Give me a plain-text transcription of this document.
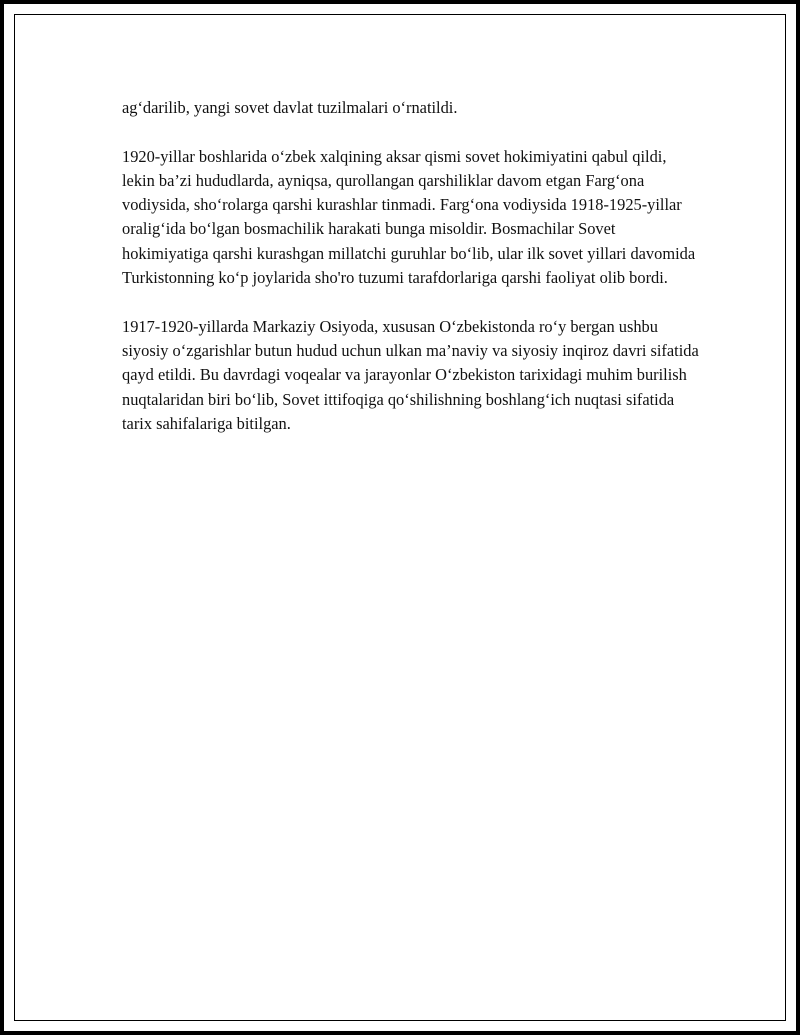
ag‘darilib, yangi sovet davlat tuzilmalari o‘rnatildi.

1920-yillar boshlarida o‘zbek xalqining aksar qismi sovet hokimiyatini qabul qildi, lekin ba’zi hududlarda, ayniqsa, qurollangan qarshiliklar davom etgan Farg‘ona vodiysida, sho‘rolarga qarshi kurashlar tinmadi. Farg‘ona vodiysida 1918-1925-yillar oralig‘ida bo‘lgan bosmachilik harakati bunga misoldir. Bosmachilar Sovet hokimiyatiga qarshi kurashgan millatchi guruhlar bo‘lib, ular ilk sovet yillari davomida Turkistonning ko‘p joylarida sho'ro tuzumi tarafdorlariga qarshi faoliyat olib bordi.

1917-1920-yillarda Markaziy Osiyoda, xususan O‘zbekistonda ro‘y bergan ushbu siyosiy o‘zgarishlar butun hudud uchun ulkan ma’naviy va siyosiy inqiroz davri sifatida qayd etildi. Bu davrdagi voqealar va jarayonlar O‘zbekiston tarixidagi muhim burilish nuqtalaridan biri bo‘lib, Sovet ittifoqiga qo‘shilishning boshlang‘ich nuqtasi sifatida tarix sahifalariga bitilgan.
